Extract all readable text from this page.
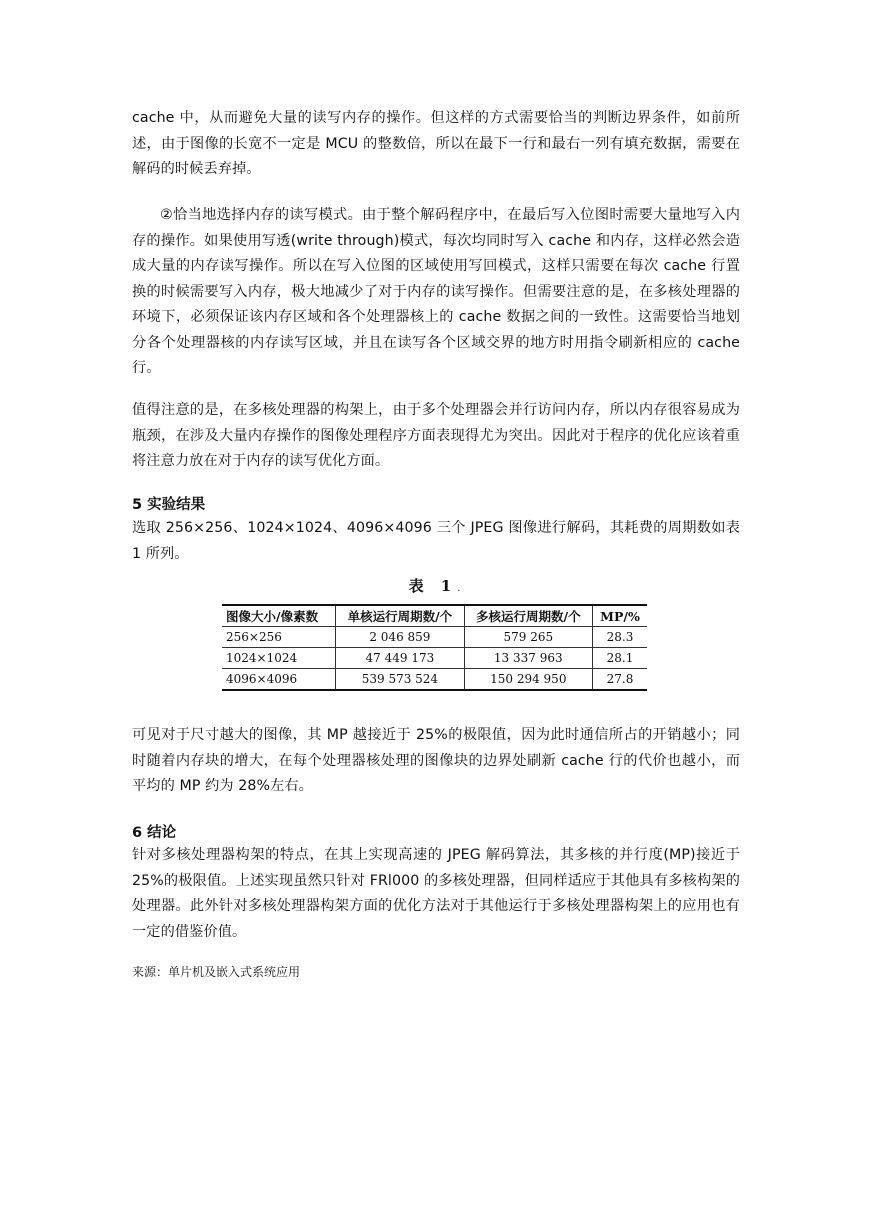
cache 中，从而避免大量的读写内存的操作。但这样的方式需要恰当的判断边界条件，如前所述，由于图像的长宽不一定是 MCU 的整数倍，所以在最下一行和最右一列有填充数据，需要在解码的时候丢弃掉。

②恰当地选择内存的读写模式。由于整个解码程序中，在最后写入位图时需要大量地写入内存的操作。如果使用写透(write through)模式，每次均同时写入 cache 和内存，这样必然会造成大量的内存读写操作。所以在写入位图的区域使用写回模式，这样只需要在每次 cache 行置换的时候需要写入内存，极大地减少了对于内存的读写操作。但需要注意的是，在多核处理器的环境下，必须保证该内存区域和各个处理器核上的 cache 数据之间的一致性。这需要恰当地划分各个处理器核的内存读写区域，并且在读写各个区域交界的地方时用指令刷新相应的 cache 行。

值得注意的是，在多核处理器的构架上，由于多个处理器会并行访问内存，所以内存很容易成为瓶颈，在涉及大量内存操作的图像处理程序方面表现得尤为突出。因此对于程序的优化应该着重将注意力放在对于内存的读写优化方面。

5 实验结果

选取 256×256、1024×1024、4096×4096 三个 JPEG 图像进行解码，其耗费的周期数如表 1 所列。

表 1.
图像大小/像素数	单核运行周期数/个	多核运行周期数/个	MP/%
256×256	2 046 859	579 265	28.3
1024×1024	47 449 173	13 337 963	28.1
4096×4096	539 573 524	150 294 950	27.8

可见对于尺寸越大的图像，其 MP 越接近于 25%的极限值，因为此时通信所占的开销越小；同时随着内存块的增大，在每个处理器核处理的图像块的边界处刷新 cache 行的代价也越小，而平均的 MP 约为 28%左右。

6 结论

针对多核处理器构架的特点，在其上实现高速的 JPEG 解码算法，其多核的并行度(MP)接近于 25%的极限值。上述实现虽然只针对 FRl000 的多核处理器，但同样适应于其他具有多核构架的处理器。此外针对多核处理器构架方面的优化方法对于其他运行于多核处理器构架上的应用也有一定的借鉴价值。

来源：单片机及嵌入式系统应用
